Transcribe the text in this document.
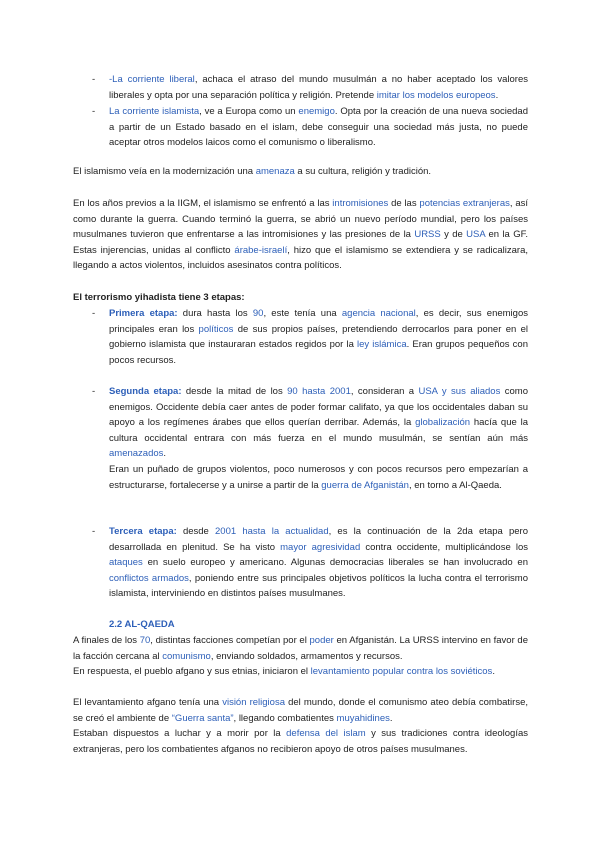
- -La corriente liberal, achaca el atraso del mundo musulmán a no haber aceptado los valores liberales y opta por una separación política y religión. Pretende imitar los modelos europeos.

- La corriente islamista, ve a Europa como un enemigo. Opta por la creación de una nueva sociedad a partir de un Estado basado en el islam, debe conseguir una sociedad más justa, no puede aceptar otros modelos laicos como el comunismo o liberalismo.

El islamismo veía en la modernización una amenaza a su cultura, religión y tradición.

En los años previos a la IIGM, el islamismo se enfrentó a las intromisiones de las potencias extranjeras, así como durante la guerra. Cuando terminó la guerra, se abrió un nuevo período mundial, pero los países musulmanes tuvieron que enfrentarse a las intromisiones y las presiones de la URSS y de USA en la GF. Estas injerencias, unidas al conflicto árabe-israelí, hizo que el islamismo se extendiera y se radicalizara, llegando a actos violentos, incluidos asesinatos contra políticos.

El terrorismo yihadista tiene 3 etapas:
- Primera etapa: dura hasta los 90, este tenía una agencia nacional, es decir, sus enemigos principales eran los políticos de sus propios países, pretendiendo derrocarlos para poner en el gobierno islamista que instauraran estados regidos por la ley islámica. Eran grupos pequeños con pocos recursos.

- Segunda etapa: desde la mitad de los 90 hasta 2001, consideran a USA y sus aliados como enemigos. Occidente debía caer antes de poder formar califato, ya que los occidentales daban su apoyo a los regímenes árabes que ellos querían derribar. Además, la globalización hacía que la cultura occidental entrara con más fuerza en el mundo musulmán, se sentían aún más amenazados.

Eran un puñado de grupos violentos, poco numerosos y con pocos recursos pero empezarían a estructurarse, fortalecerse y a unirse a partir de la guerra de Afganistán, en torno a Al-Qaeda.

- Tercera etapa: desde 2001 hasta la actualidad, es la continuación de la 2da etapa pero desarrollada en plenitud. Se ha visto mayor agresividad contra occidente, multiplicándose los ataques en suelo europeo y americano. Algunas democracias liberales se han involucrado en conflictos armados, poniendo entre sus principales objetivos políticos la lucha contra el terrorismo islamista, interviniendo en distintos países musulmanes.

2.2 AL-QAEDA

A finales de los 70, distintas facciones competían por el poder en Afganistán. La URSS intervino en favor de la facción cercana al comunismo, enviando soldados, armamentos y recursos.

En respuesta, el pueblo afgano y sus etnias, iniciaron el levantamiento popular contra los soviéticos.

El levantamiento afgano tenía una visión religiosa del mundo, donde el comunismo ateo debía combatirse, se creó el ambiente de “Guerra santa”, llegando combatientes muyahidines.

Estaban dispuestos a luchar y a morir por la defensa del islam y sus tradiciones contra ideologías extranjeras, pero los combatientes afganos no recibieron apoyo de otros países musulmanes.
